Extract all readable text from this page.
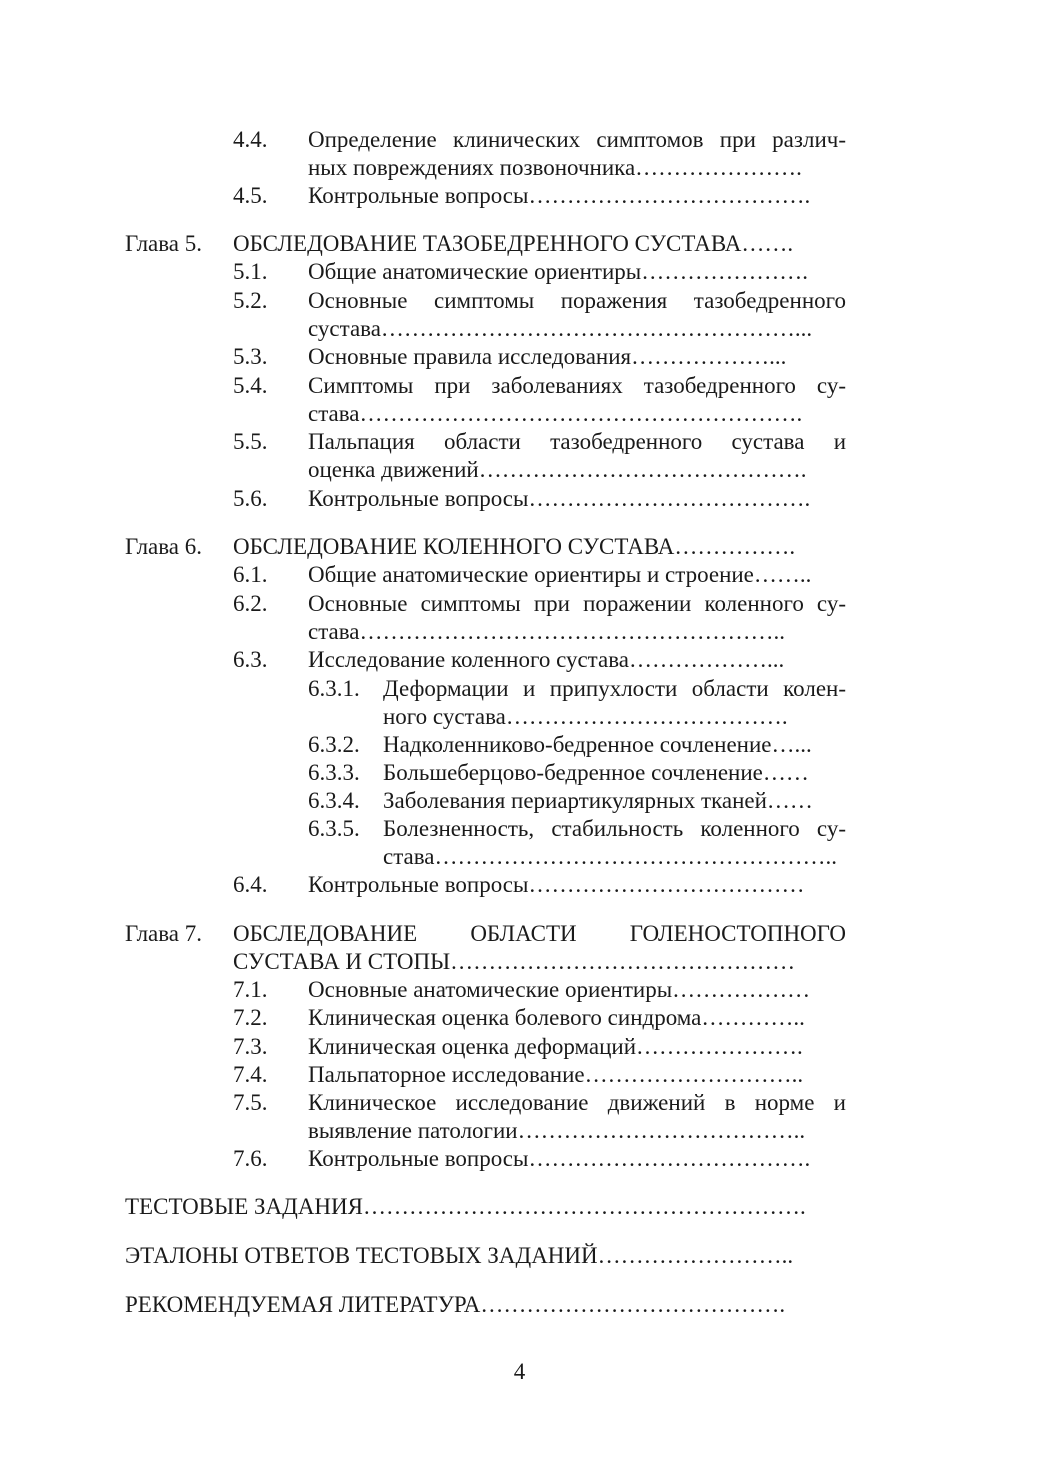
4.4. Определение клинических симптомов при различ-
ных повреждениях позвоночника………………….
4.5. Контрольные вопросы……………………………….
Глава 5. ОБСЛЕДОВАНИЕ ТАЗОБЕДРЕННОГО СУСТАВА…….
5.1. Общие анатомические ориентиры………………….
5.2. Основные симптомы поражения тазобедренного
сустава………………………………………………...
5.3. Основные правила исследования………………...
5.4. Симптомы при заболеваниях тазобедренного су-
става………………………………………………….
5.5. Пальпация области тазобедренного сустава и
оценка движений…………………………………….
5.6. Контрольные вопросы……………………………….
Глава 6. ОБСЛЕДОВАНИЕ КОЛЕННОГО СУСТАВА…………….
6.1. Общие анатомические ориентиры и строение……..
6.2. Основные симптомы при поражении коленного су-
става………………………………………………..
6.3. Исследование коленного сустава………………...
6.3.1. Деформации и припухлости области колен-
ного сустава……………………………….
6.3.2. Надколенниково-бедренное сочленение…...
6.3.3. Большеберцово-бедренное сочленение……
6.3.4. Заболевания периартикулярных тканей……
6.3.5. Болезненность, стабильность коленного су-
става……………………………………………..
6.4. Контрольные вопросы………………………………
Глава 7. ОБСЛЕДОВАНИЕ ОБЛАСТИ ГОЛЕНОСТОПНОГО
СУСТАВА И СТОПЫ………………………………………
7.1. Основные анатомические ориентиры………………
7.2. Клиническая оценка болевого синдрома…………..
7.3. Клиническая оценка деформаций………………….
7.4. Пальпаторное исследование………………………..
7.5. Клиническое исследование движений в норме и
выявление патологии………………………………..
7.6. Контрольные вопросы……………………………….
ТЕСТОВЫЕ ЗАДАНИЯ………………………………………………….
ЭТАЛОНЫ ОТВЕТОВ ТЕСТОВЫХ ЗАДАНИЙ……………………..
РЕКОМЕНДУЕМАЯ ЛИТЕРАТУРА………………………………….
4
